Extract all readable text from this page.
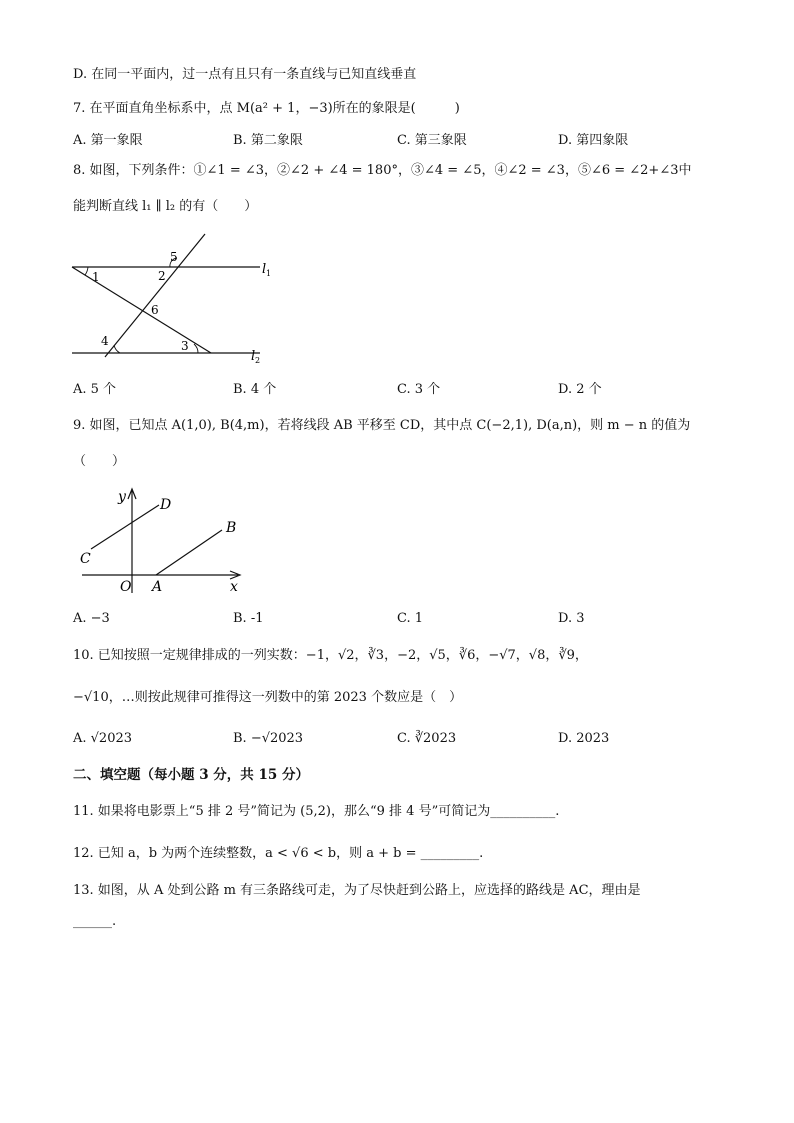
D. 在同一平面内，过一点有且只有一条直线与已知直线垂直
7. 在平面直角坐标系中，点 M(a² + 1，−3)所在的象限是(　　　)
A. 第一象限	B. 第二象限	C. 第三象限	D. 第四象限
8. 如图，下列条件：①∠1 = ∠3，②∠2 + ∠4 = 180°，③∠4 = ∠5，④∠2 = ∠3，⑤∠6 = ∠2+∠3中
能判断直线 l₁ ∥ l₂ 的有（　　）
l 1
l 2
1	2
3
4
5
6
A. 5 个	B. 4 个	C. 3 个	D. 2 个
9. 如图，已知点 A(1,0), B(4,m)，若将线段 AB 平移至 CD，其中点 C(−2,1), D(a,n)，则 m − n 的值为
（　　）
y
x
O A
B
C
D
A. −3	B. -1	C. 1	D. 3
10. 已知按照一定规律排成的一列实数：−1，√2，∛3，−2，√5，∛6，−√7，√8，∛9，
−√10，…则按此规律可推得这一列数中的第 2023 个数应是（　）
A. √2023	B. −√2023	C. ∛2023	D. 2023
二、填空题（每小题 3 分，共 15 分）
11. 如果将电影票上“5 排 2 号”简记为 (5,2)，那么“9 排 4 号”可简记为__________.
12. 已知 a，b 为两个连续整数，a < √6 < b，则 a + b = _________.
13. 如图，从 A 处到公路 m 有三条路线可走，为了尽快赶到公路上，应选择的路线是 AC，理由是
______.
